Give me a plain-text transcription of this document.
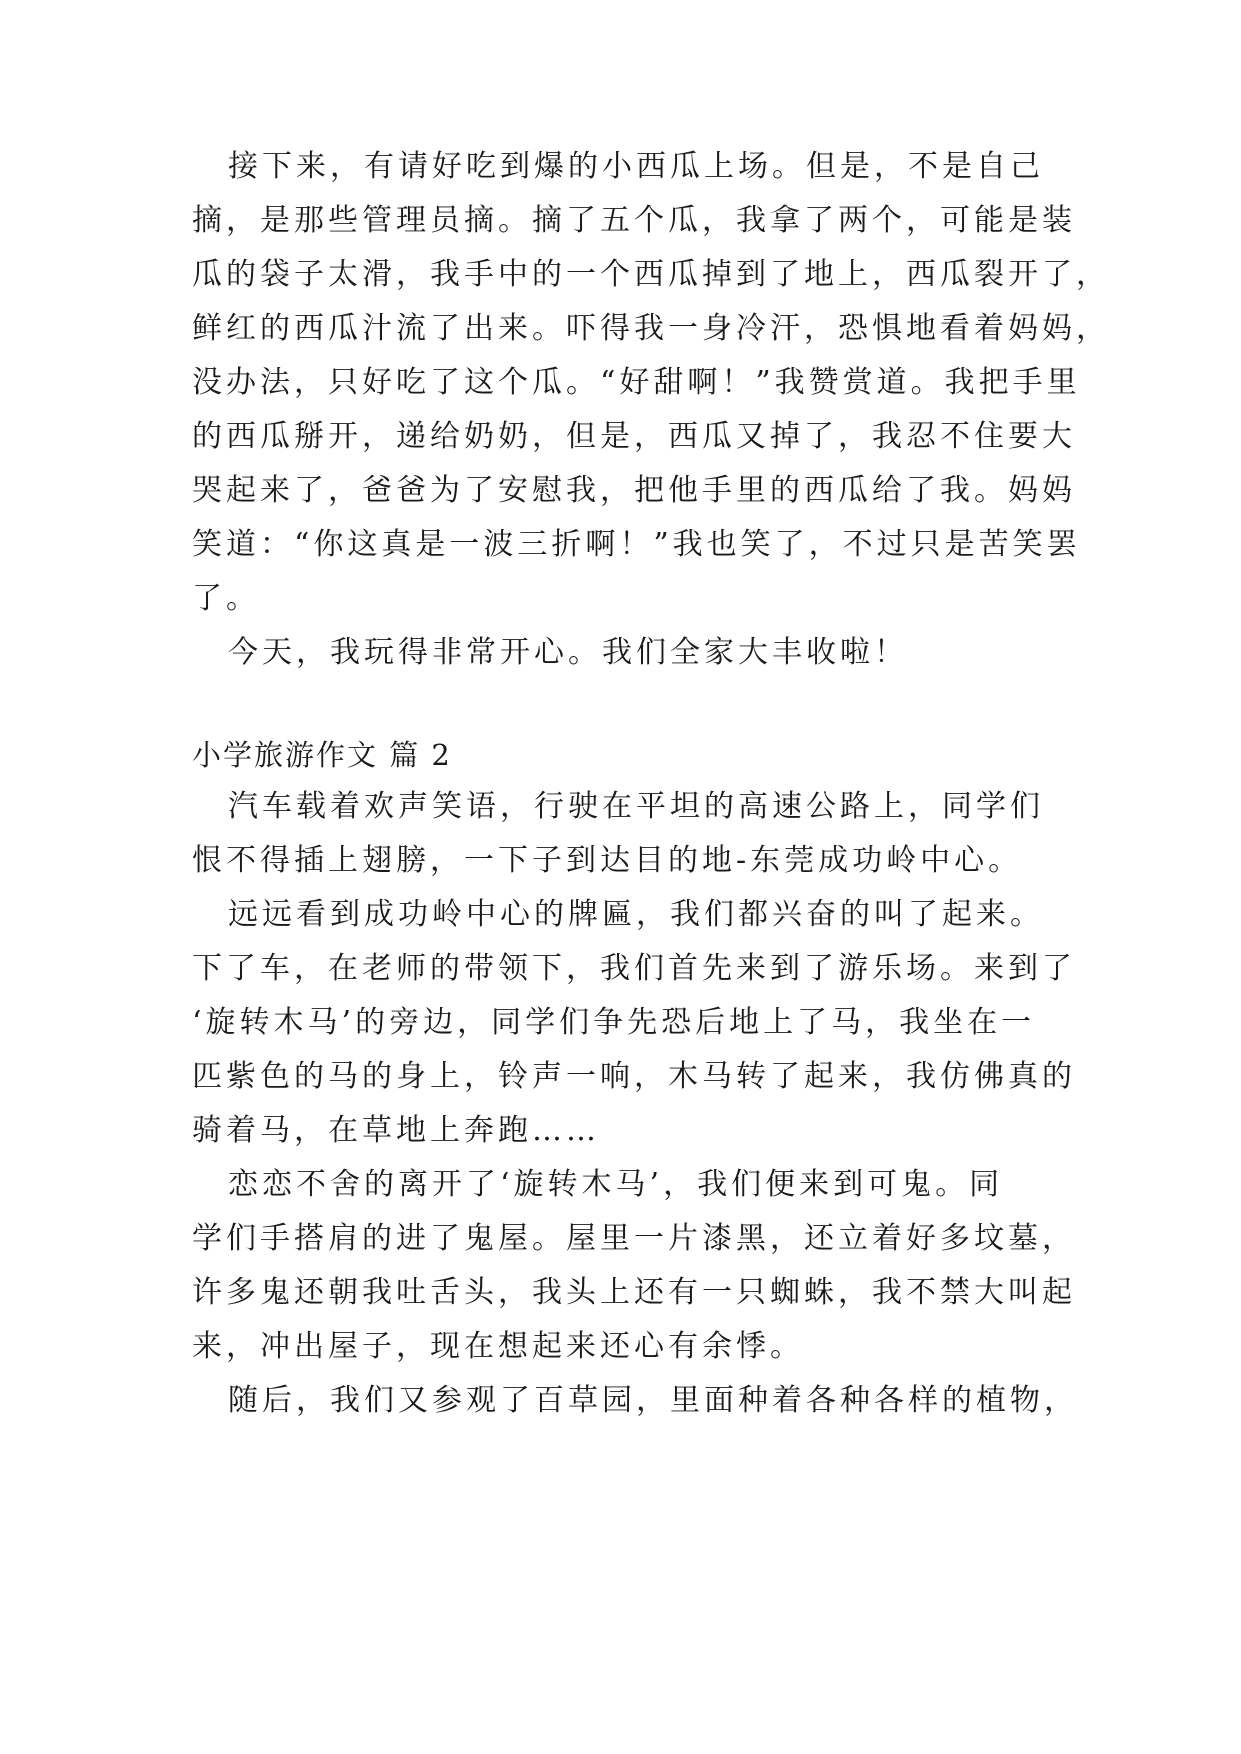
接下来，有请好吃到爆的小西瓜上场。但是，不是自己
摘，是那些管理员摘。摘了五个瓜，我拿了两个，可能是装
瓜的袋子太滑，我手中的一个西瓜掉到了地上，西瓜裂开了，
鲜红的西瓜汁流了出来。吓得我一身冷汗，恐惧地看着妈妈，
没办法，只好吃了这个瓜。“好甜啊！”我赞赏道。我把手里
的西瓜掰开，递给奶奶，但是，西瓜又掉了，我忍不住要大
哭起来了，爸爸为了安慰我，把他手里的西瓜给了我。妈妈
笑道：“你这真是一波三折啊！”我也笑了，不过只是苦笑罢
了。
今天，我玩得非常开心。我们全家大丰收啦！
小学旅游作文 篇 2
汽车载着欢声笑语，行驶在平坦的高速公路上，同学们
恨不得插上翅膀，一下子到达目的地-东莞成功岭中心。
远远看到成功岭中心的牌匾，我们都兴奋的叫了起来。
下了车，在老师的带领下，我们首先来到了游乐场。来到了
‘旋转木马’的旁边，同学们争先恐后地上了马，我坐在一
匹紫色的马的身上，铃声一响，木马转了起来，我仿佛真的
骑着马，在草地上奔跑……
恋恋不舍的离开了‘旋转木马’，我们便来到可鬼。同
学们手搭肩的进了鬼屋。屋里一片漆黑，还立着好多坟墓，
许多鬼还朝我吐舌头，我头上还有一只蜘蛛，我不禁大叫起
来，冲出屋子，现在想起来还心有余悸。
随后，我们又参观了百草园，里面种着各种各样的植物，
